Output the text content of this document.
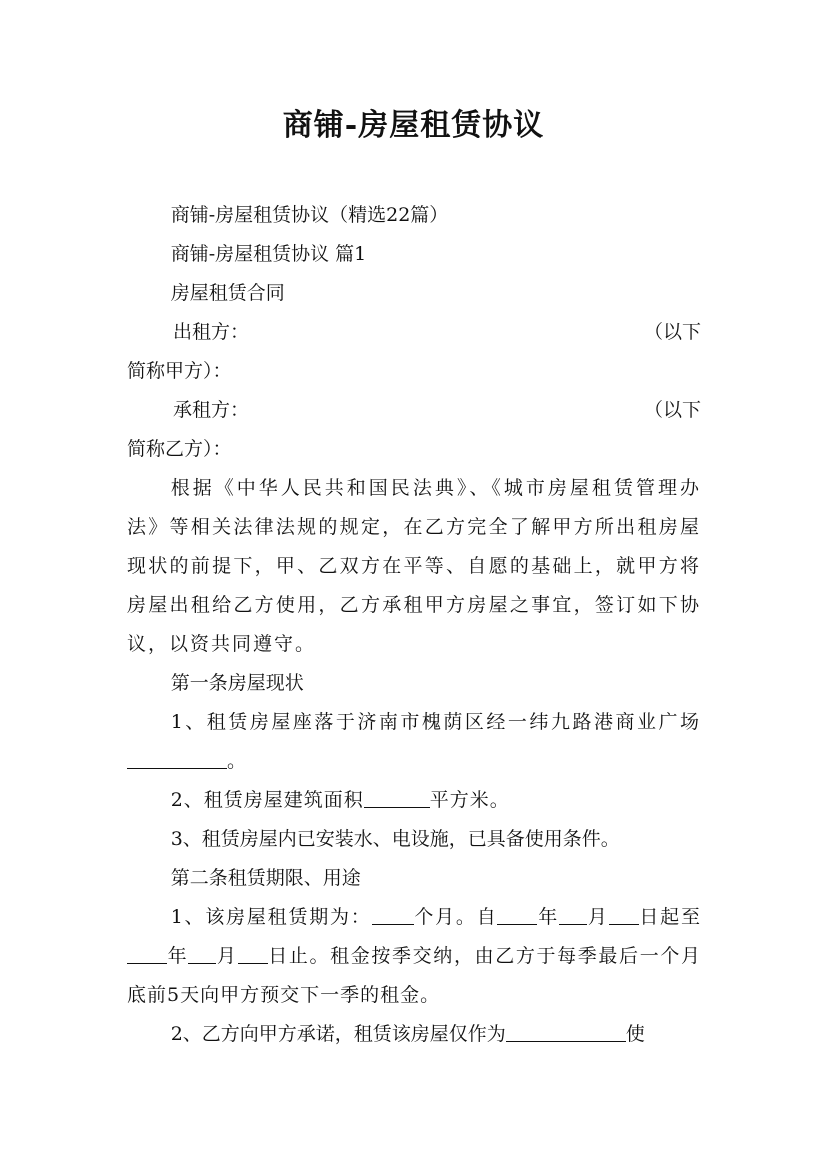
商铺-房屋租赁协议

商铺-房屋租赁协议（精选22篇）

商铺-房屋租赁协议 篇1

房屋租赁合同

出租方：	（以下

简称甲方）：

承租方：	（以下

简称乙方）：

根据《中华人民共和国民法典》、《城市房屋租赁管理办法》等相关法律法规的规定，在乙方完全了解甲方所出租房屋现状的前提下，甲、乙双方在平等、自愿的基础上，就甲方将房屋出租给乙方使用，乙方承租甲方房屋之事宜，签订如下协议，以资共同遵守。

第一条房屋现状

1、租赁房屋座落于济南市槐荫区经一纬九路港商业广场。

2、租赁房屋建筑面积	平方米。

3、租赁房屋内已安装水、电设施，已具备使用条件。

第二条租赁期限、用途

1、该房屋租赁期为： 个月。自 年 月 日起至年 月 日止。租金按季交纳，由乙方于每季最后一个月底前5天向甲方预交下一季的租金。

2、乙方向甲方承诺，租赁该房屋仅作为	使
